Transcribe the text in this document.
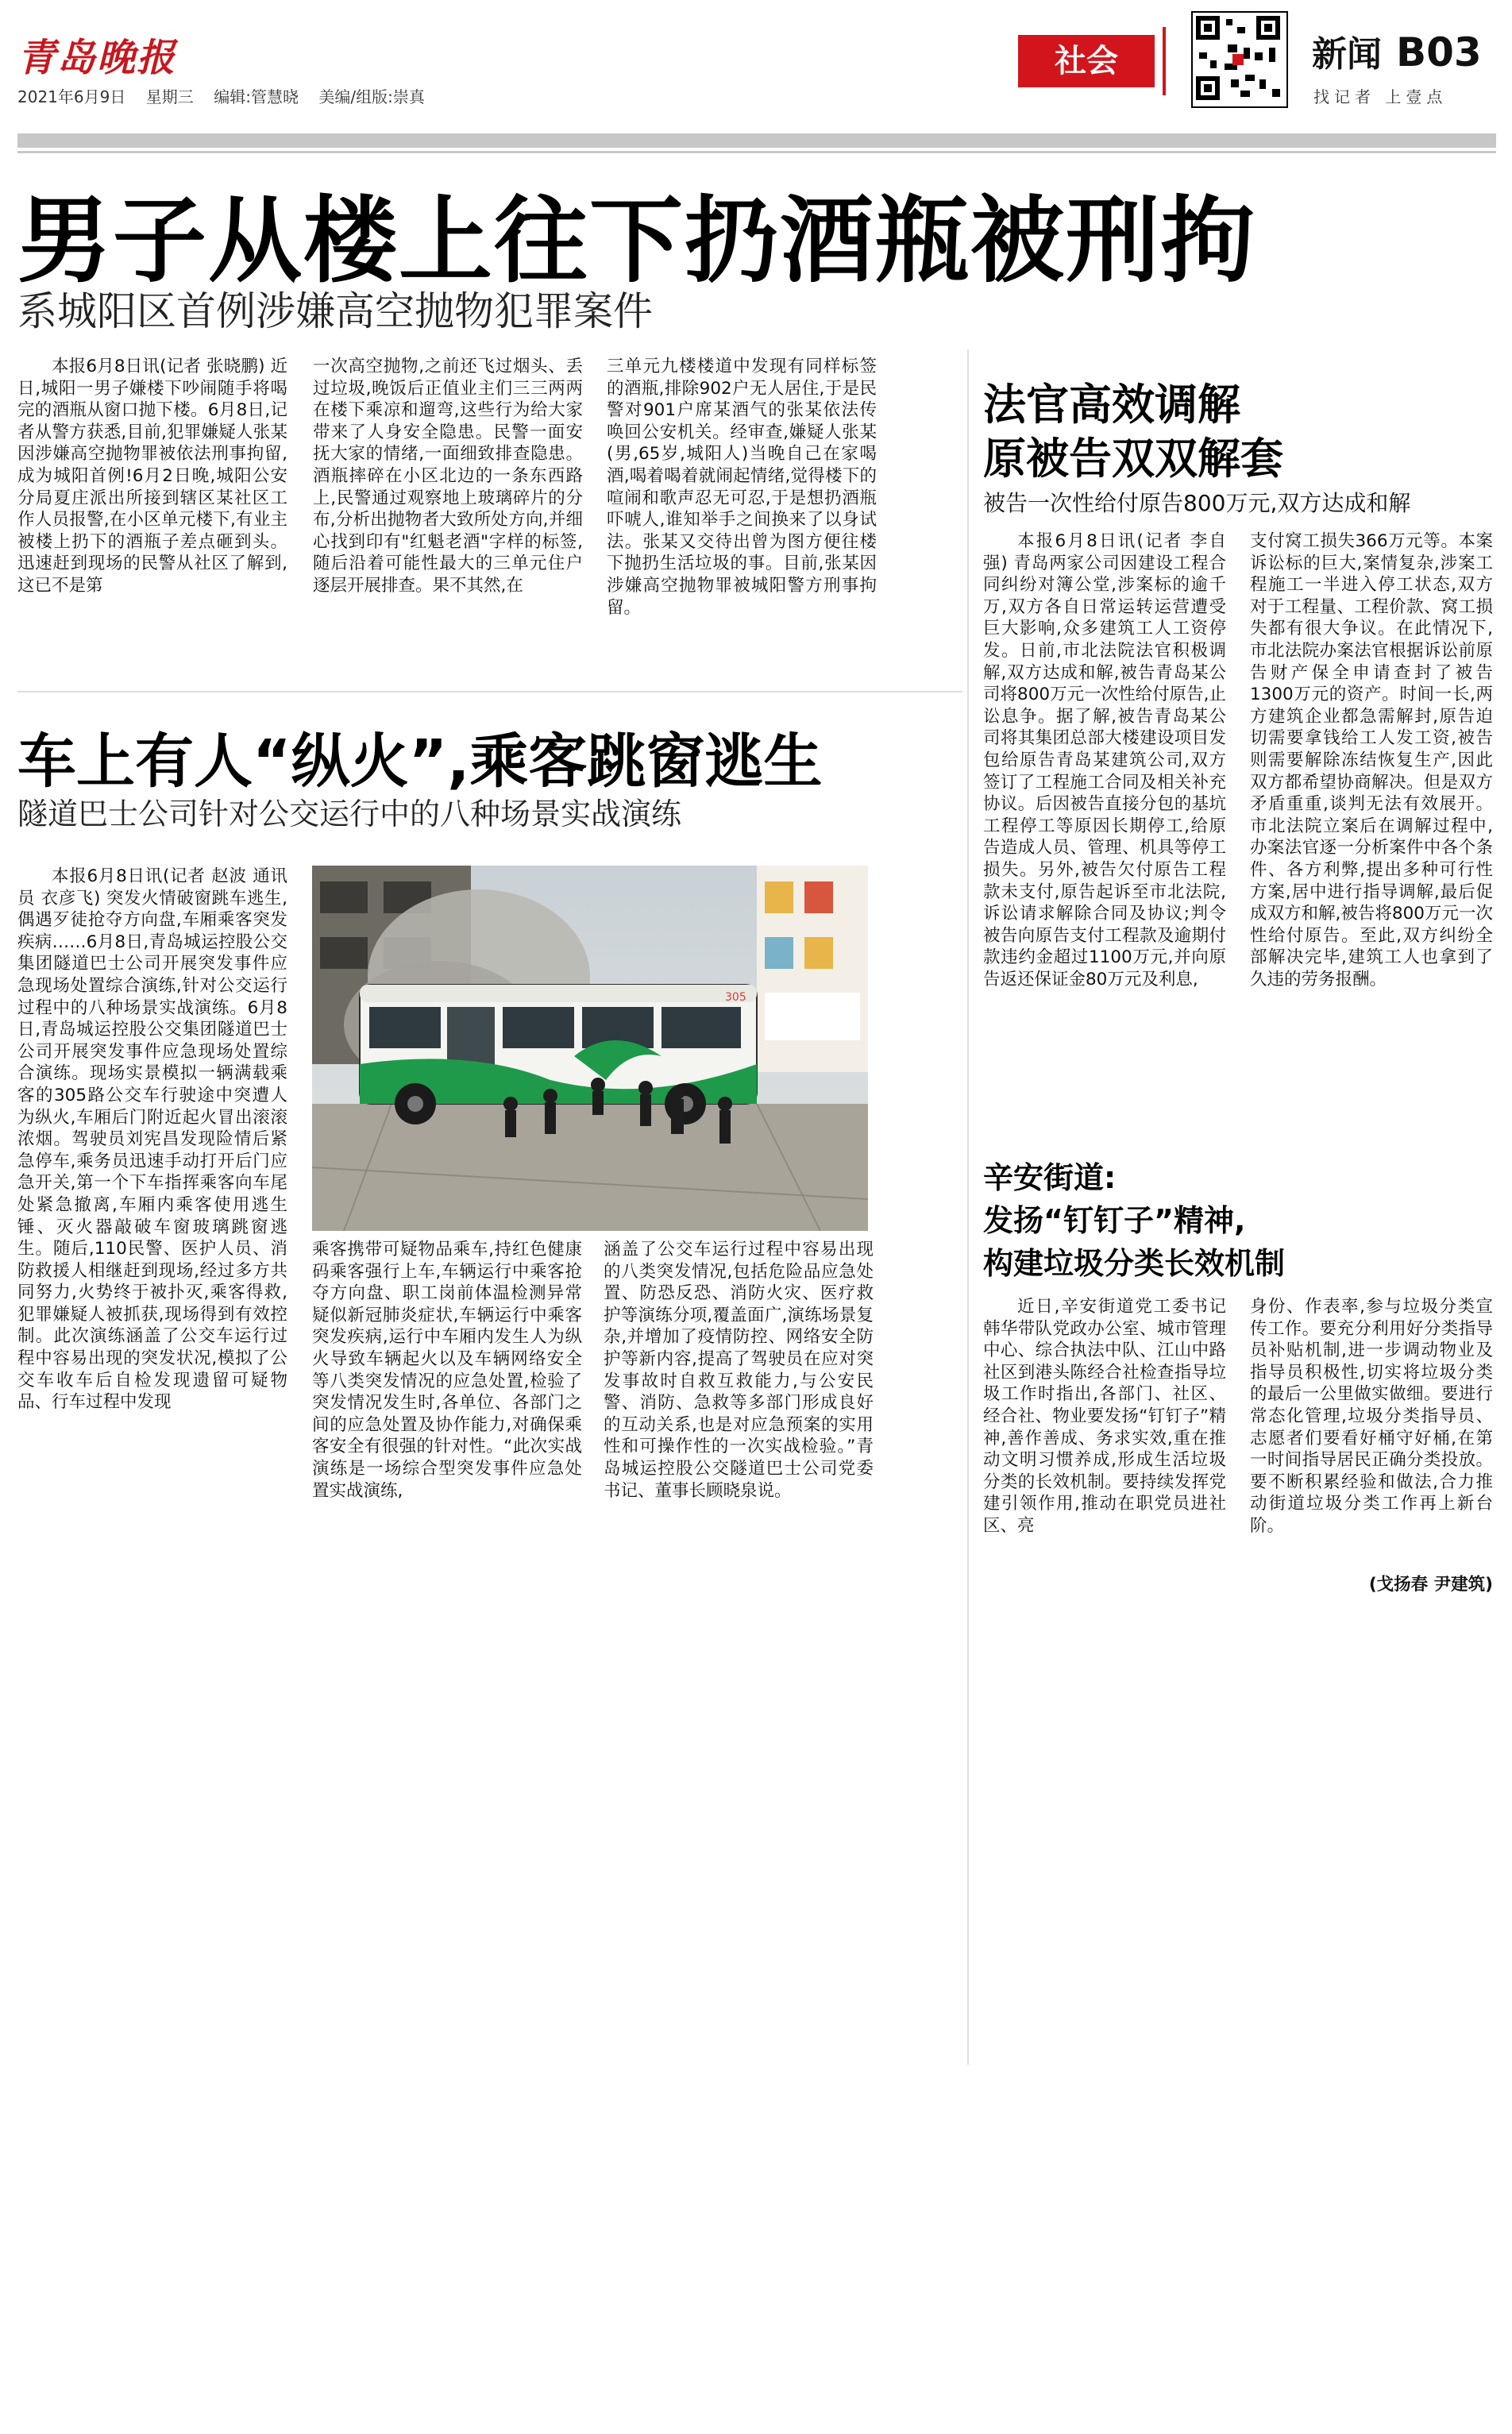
青岛晚报
2021年6月9日 星期三 编辑:管慧晓 美编/组版:崇真
社会	新闻 B03
找记者 上壹点
男子从楼上往下扔酒瓶被刑拘
系城阳区首例涉嫌高空抛物犯罪案件

本报6月8日讯(记者 张晓鹏) 近日,城阳一男子嫌楼下吵闹随手将喝完的酒瓶从窗口抛下楼。6月8日,记者从警方获悉,目前,犯罪嫌疑人张某因涉嫌高空抛物罪被依法刑事拘留,成为城阳首例!6月2日晚,城阳公安分局夏庄派出所接到辖区某社区工作人员报警,在小区单元楼下,有业主被楼上扔下的酒瓶子差点砸到头。迅速赶到现场的民警从社区了解到,这已不是第

一次高空抛物,之前还飞过烟头、丢过垃圾,晚饭后正值业主们三三两两在楼下乘凉和遛弯,这些行为给大家带来了人身安全隐患。民警一面安抚大家的情绪,一面细致排查隐患。酒瓶摔碎在小区北边的一条东西路上,民警通过观察地上玻璃碎片的分布,分析出抛物者大致所处方向,并细心找到印有"红魁老酒"字样的标签,随后沿着可能性最大的三单元住户逐层开展排查。果不其然,在

三单元九楼楼道中发现有同样标签的酒瓶,排除902户无人居住,于是民警对901户席某酒气的张某依法传唤回公安机关。经审查,嫌疑人张某(男,65岁,城阳人)当晚自己在家喝酒,喝着喝着就闹起情绪,觉得楼下的喧闹和歌声忍无可忍,于是想扔酒瓶吓唬人,谁知举手之间换来了以身试法。张某又交待出曾为图方便往楼下抛扔生活垃圾的事。目前,张某因涉嫌高空抛物罪被城阳警方刑事拘留。

车上有人“纵火”,乘客跳窗逃生
隧道巴士公司针对公交运行中的八种场景实战演练

本报6月8日讯(记者 赵波 通讯员 衣彦飞) 突发火情破窗跳车逃生,偶遇歹徒抢夺方向盘,车厢乘客突发疾病……6月8日,青岛城运控股公交集团隧道巴士公司开展突发事件应急现场处置综合演练,针对公交运行过程中的八种场景实战演练。6月8日,青岛城运控股公交集团隧道巴士公司开展突发事件应急现场处置综合演练。现场实景模拟一辆满载乘客的305路公交车行驶途中突遭人为纵火,车厢后门附近起火冒出滚滚浓烟。驾驶员刘宪昌发现险情后紧急停车,乘务员迅速手动打开后门应急开关,第一个下车指挥乘客向车尾处紧急撤离,车厢内乘客使用逃生锤、灭火器敲破车窗玻璃跳窗逃生。随后,110民警、医护人员、消防救援人相继赶到现场,经过多方共同努力,火势终于被扑灭,乘客得救,犯罪嫌疑人被抓获,现场得到有效控制。此次演练涵盖了公交车运行过程中容易出现的突发状况,模拟了公交车收车后自检发现遗留可疑物品、行车过程中发现

305

乘客携带可疑物品乘车,持红色健康码乘客强行上车,车辆运行中乘客抢夺方向盘、职工岗前体温检测异常疑似新冠肺炎症状,车辆运行中乘客突发疾病,运行中车厢内发生人为纵火导致车辆起火以及车辆网络安全等八类突发情况的应急处置,检验了突发情况发生时,各单位、各部门之间的应急处置及协作能力,对确保乘客安全有很强的针对性。“此次实战演练是一场综合型突发事件应急处置实战演练,

涵盖了公交车运行过程中容易出现的八类突发情况,包括危险品应急处置、防恐反恐、消防火灾、医疗救护等演练分项,覆盖面广,演练场景复杂,并增加了疫情防控、网络安全防护等新内容,提高了驾驶员在应对突发事故时自救互救能力,与公安民警、消防、急救等多部门形成良好的互动关系,也是对应急预案的实用性和可操作性的一次实战检验。”青岛城运控股公交隧道巴士公司党委书记、董事长顾晓泉说。

法官高效调解
原被告双双解套
被告一次性给付原告800万元,双方达成和解

本报6月8日讯(记者 李自强) 青岛两家公司因建设工程合同纠纷对簿公堂,涉案标的逾千万,双方各自日常运转运营遭受巨大影响,众多建筑工人工资停发。日前,市北法院法官积极调解,双方达成和解,被告青岛某公司将800万元一次性给付原告,止讼息争。据了解,被告青岛某公司将其集团总部大楼建设项目发包给原告青岛某建筑公司,双方签订了工程施工合同及相关补充协议。后因被告直接分包的基坑工程停工等原因长期停工,给原告造成人员、管理、机具等停工损失。另外,被告欠付原告工程款未支付,原告起诉至市北法院,诉讼请求解除合同及协议;判令被告向原告支付工程款及逾期付款违约金超过1100万元,并向原告返还保证金80万元及利息,

支付窝工损失366万元等。本案诉讼标的巨大,案情复杂,涉案工程施工一半进入停工状态,双方对于工程量、工程价款、窝工损失都有很大争议。在此情况下,市北法院办案法官根据诉讼前原告财产保全申请查封了被告1300万元的资产。时间一长,两方建筑企业都急需解封,原告迫切需要拿钱给工人发工资,被告则需要解除冻结恢复生产,因此双方都希望协商解决。但是双方矛盾重重,谈判无法有效展开。市北法院立案后在调解过程中,办案法官逐一分析案件中各个条件、各方利弊,提出多种可行性方案,居中进行指导调解,最后促成双方和解,被告将800万元一次性给付原告。至此,双方纠纷全部解决完毕,建筑工人也拿到了久违的劳务报酬。

辛安街道:
发扬“钉钉子”精神,
构建垃圾分类长效机制

近日,辛安街道党工委书记韩华带队党政办公室、城市管理中心、综合执法中队、江山中路社区到港头陈经合社检查指导垃圾工作时指出,各部门、社区、经合社、物业要发扬“钉钉子”精神,善作善成、务求实效,重在推动文明习惯养成,形成生活垃圾分类的长效机制。要持续发挥党建引领作用,推动在职党员进社区、亮

身份、作表率,参与垃圾分类宣传工作。要充分利用好分类指导员补贴机制,进一步调动物业及指导员积极性,切实将垃圾分类的最后一公里做实做细。要进行常态化管理,垃圾分类指导员、志愿者们要看好桶守好桶,在第一时间指导居民正确分类投放。要不断积累经验和做法,合力推动街道垃圾分类工作再上新台阶。

(戈扬春 尹建筑)
